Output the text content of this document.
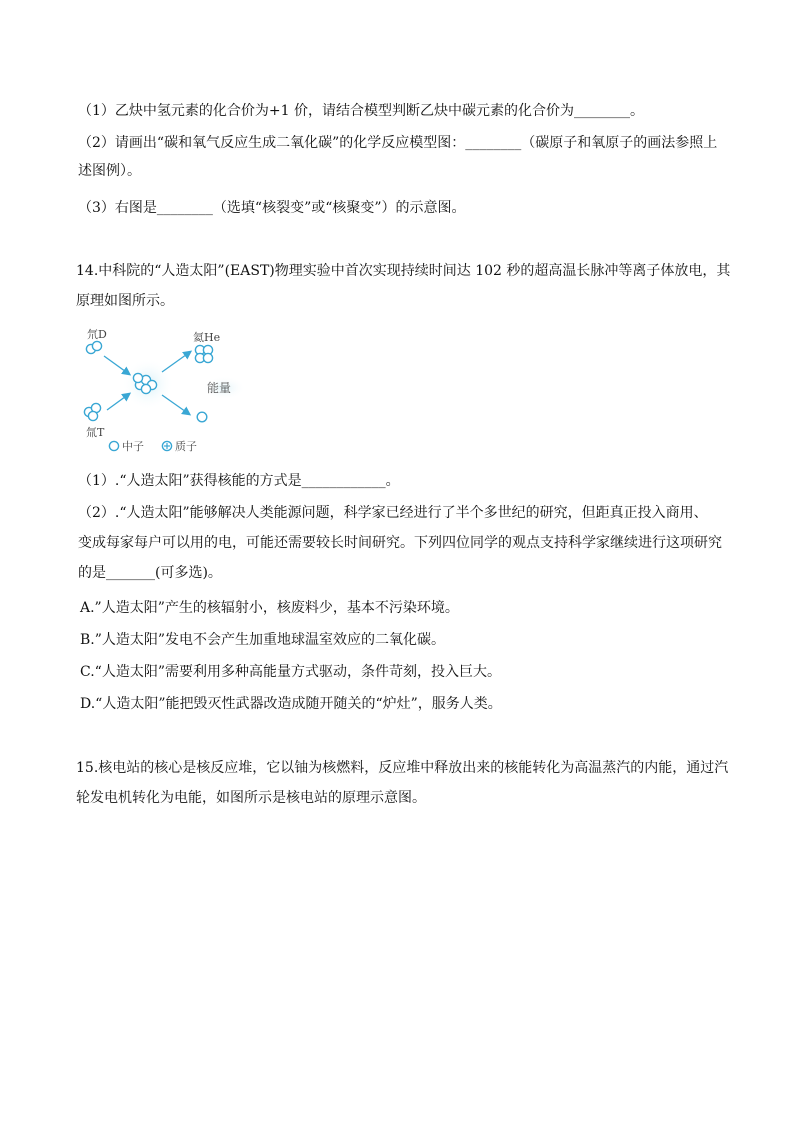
（1）乙炔中氢元素的化合价为+1 价，请结合模型判断乙炔中碳元素的化合价为________。
（2）请画出“碳和氧气反应生成二氧化碳”的化学反应模型图：________（碳原子和氧原子的画法参照上
述图例）。
（3）右图是________（选填“核裂变”或“核聚变”）的示意图。
14.中科院的“人造太阳”(EAST)物理实验中首次实现持续时间达 102 秒的超高温长脉冲等离子体放电，其
原理如图所示。
氘D	氦He
能量
氚T
中子	质子
（1）.“人造太阳”获得核能的方式是____________。
（2）.“人造太阳”能够解决人类能源问题，科学家已经进行了半个多世纪的研究，但距真正投入商用、
变成每家每户可以用的电，可能还需要较长时间研究。下列四位同学的观点支持科学家继续进行这项研究
的是_______(可多选)。
A.”人造太阳”产生的核辐射小，核废料少，基本不污染环境。
B.”人造太阳”发电不会产生加重地球温室效应的二氧化碳。
C.“人造太阳”需要利用多种高能量方式驱动，条件苛刻，投入巨大。
D.“人造太阳”能把毁灭性武器改造成随开随关的“炉灶”，服务人类。
15.核电站的核心是核反应堆，它以铀为核燃料，反应堆中释放出来的核能转化为高温蒸汽的内能，通过汽
轮发电机转化为电能，如图所示是核电站的原理示意图。
